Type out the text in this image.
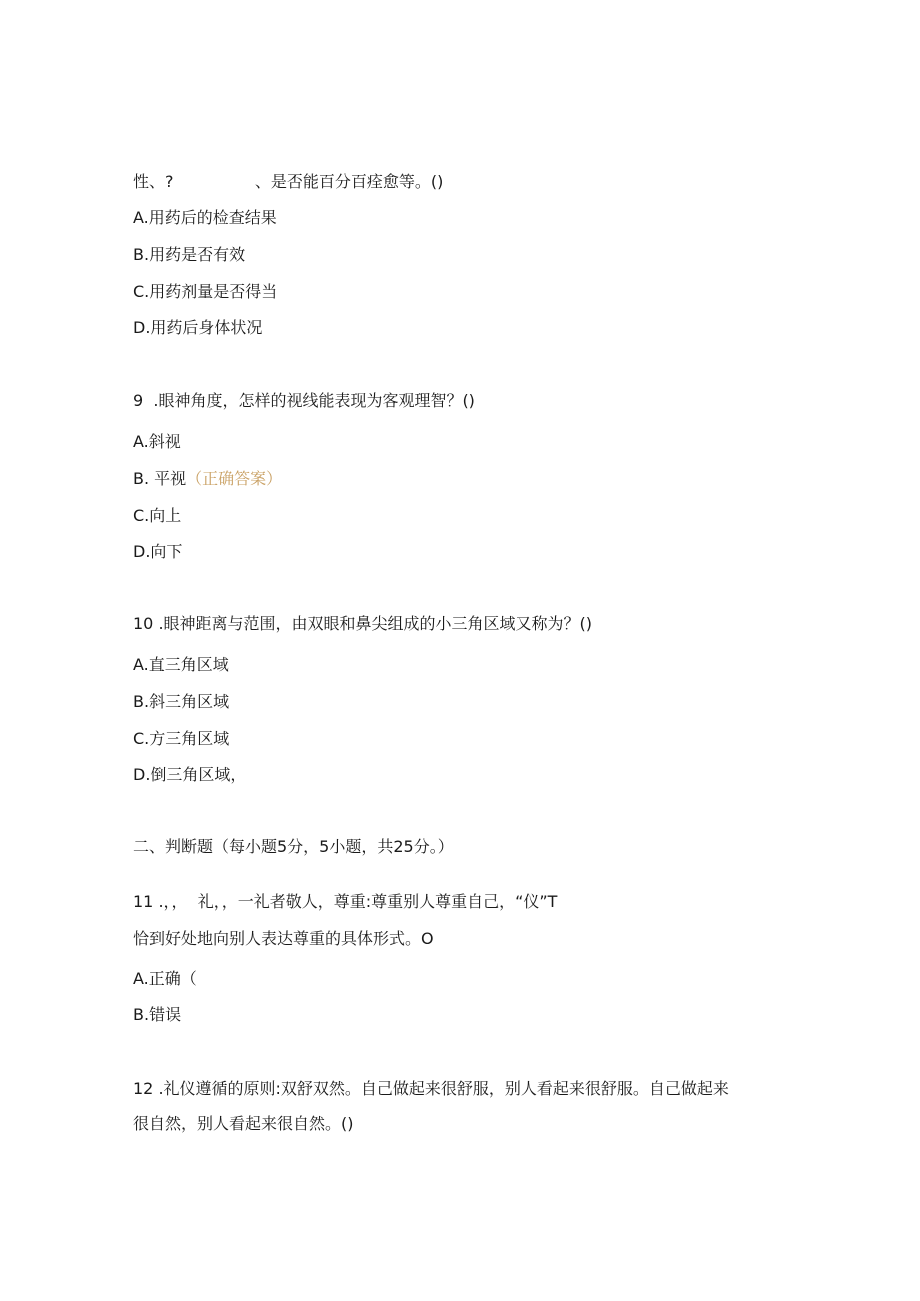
性、?                、是否能百分百痊愈等。()

A.用药后的检查结果

B.用药是否有效

C.用药剂量是否得当

D.用药后身体状况

9  .眼神角度，怎样的视线能表现为客观理智？()

A.斜视

B. 平视（正确答案）

C.向上

D.向下

10 .眼神距离与范围，由双眼和鼻尖组成的小三角区域又称为？()

A.直三角区域

B.斜三角区域

C.方三角区域

D.倒三角区域，

二、判断题（每小题5分，5小题，共25分。）

11 .，，  礼，，一礼者敬人，尊重:尊重别人尊重自己，“仪”T

恰到好处地向别人表达尊重的具体形式。O

A.正确（

B.错误

12 .礼仪遵循的原则:双舒双然。自己做起来很舒服，别人看起来很舒服。自己做起来

很自然，别人看起来很自然。()
